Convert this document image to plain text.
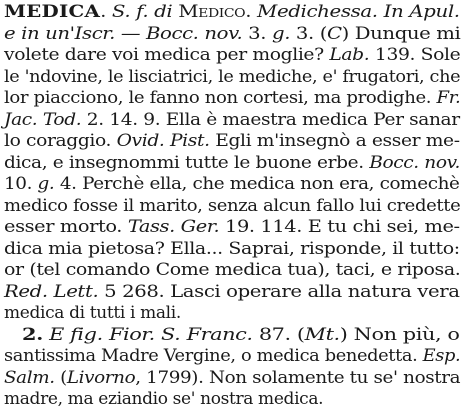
MEDICA. S. f. di Medico. Medichessa. In Apul.
e in un'Iscr. — Bocc. nov. 3. g. 3. (C) Dunque mi
volete dare voi medica per moglie? Lab. 139. Sole
le 'ndovine, le lisciatrici, le mediche, e' frugatori, che
lor piacciono, le fanno non cortesi, ma prodighe. Fr.
Jac. Tod. 2. 14. 9. Ella è maestra medica Per sanar
lo coraggio. Ovid. Pist. Egli m'insegnò a esser me-
dica, e insegnommi tutte le buone erbe. Bocc. nov.
10. g. 4. Perchè ella, che medica non era, comechè
medico fosse il marito, senza alcun fallo lui credette
esser morto. Tass. Ger. 19. 114. E tu chi sei, me-
dica mia pietosa? Ella... Saprai, risponde, il tutto:
or (tel comando Come medica tua), taci, e riposa.
Red. Lett. 5 268. Lasci operare alla natura vera
medica di tutti i mali.
2. E fig. Fior. S. Franc. 87. (Mt.) Non più, o
santissima Madre Vergine, o medica benedetta. Esp.
Salm. (Livorno, 1799). Non solamente tu se' nostra
madre, ma eziandio se' nostra medica.
